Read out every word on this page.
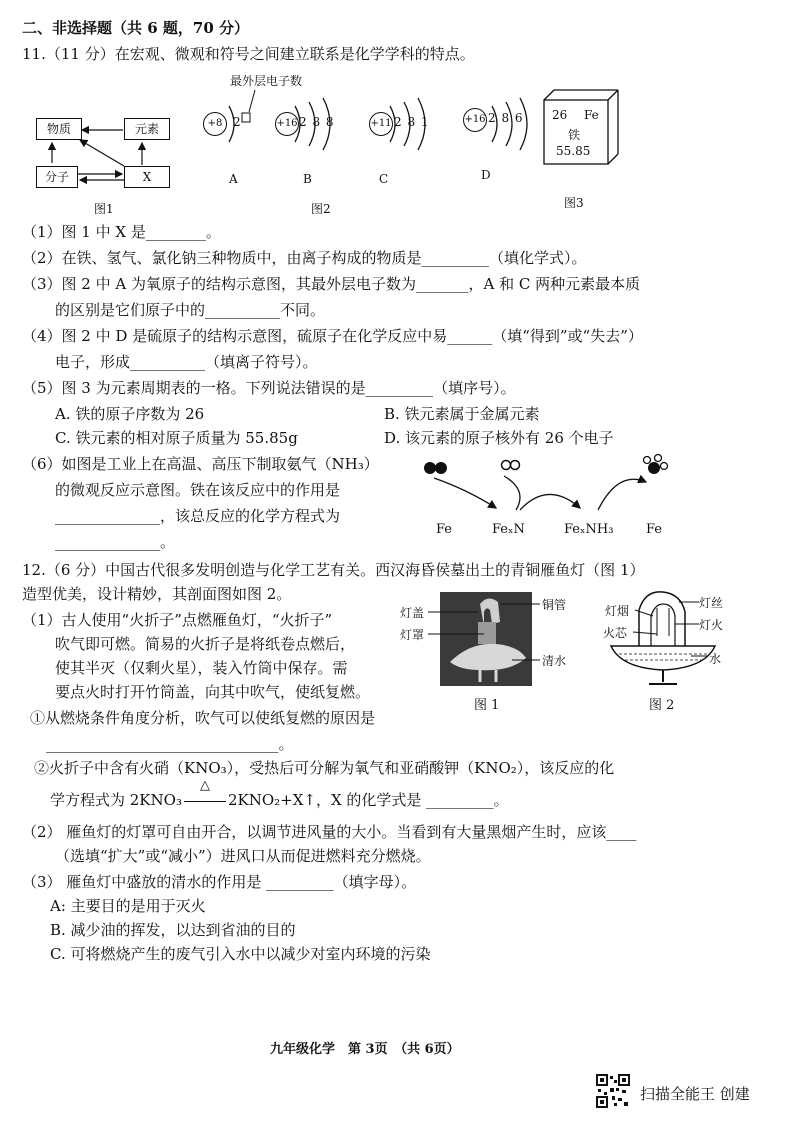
二、非选择题（共 6 题，70 分）
11.（11 分）在宏观、微观和符号之间建立联系是化学学科的特点。
物质	元素
分子	X
图1
最外层电子数
+8 2
A
+16 2 8 8
B
+11 2 8 1
C
+16 2 8 6
D
图2
26 Fe
铁
55.85
图3
（1）图 1 中 X 是________。
（2）在铁、氢气、氯化钠三种物质中，由离子构成的物质是_________（填化学式）。
（3）图 2 中 A 为氧原子的结构示意图，其最外层电子数为_______，A 和 C 两种元素最本质
的区别是它们原子中的__________不同。
（4）图 2 中 D 是硫原子的结构示意图，硫原子在化学反应中易______（填“得到”或“失去”）
电子，形成__________（填离子符号）。
（5）图 3 为元素周期表的一格。下列说法错误的是_________（填序号）。
A. 铁的原子序数为 26	B. 铁元素属于金属元素
C. 铁元素的相对原子质量为 55.85g	D. 该元素的原子核外有 26 个电子
（6）如图是工业上在高温、高压下制取氨气（NH₃）
的微观反应示意图。铁在该反应中的作用是
______________，该总反应的化学方程式为
______________。
Fe	FeₓN	FeₓNH₃	Fe
12.（6 分）中国古代很多发明创造与化学工艺有关。西汉海昏侯墓出土的青铜雁鱼灯（图 1）
造型优美，设计精妙，其剖面图如图 2。
（1）古人使用“火折子”点燃雁鱼灯，“火折子”
吹气即可燃。简易的火折子是将纸卷点燃后，
使其半灭（仅剩火星），装入竹筒中保存。需
要点火时打开竹筒盖，向其中吹气，使纸复燃。
①从燃烧条件角度分析，吹气可以使纸复燃的原因是
_______________________________。
②火折子中含有火硝（KNO₃），受热后可分解为氧气和亚硝酸钾（KNO₂），该反应的化
学方程式为 2KNO₃
△
2KNO₂+X↑，X 的化学式是 _________。
（2） 雁鱼灯的灯罩可自由开合，以调节进风量的大小。当看到有大量黑烟产生时，应该____
（选填“扩大”或“减小”）进风口从而促进燃料充分燃烧。
（3） 雁鱼灯中盛放的清水的作用是 _________（填字母）。
A: 主要目的是用于灭火
B. 减少油的挥发，以达到省油的目的
C. 可将燃烧产生的废气引入水中以减少对室内环境的污染
灯盖
铜管
灯罩
清水
图 1
灯丝
灯烟
灯火
火芯
水
图 2
九年级化学　第 3页　（共 6页）
扫描全能王 创建
